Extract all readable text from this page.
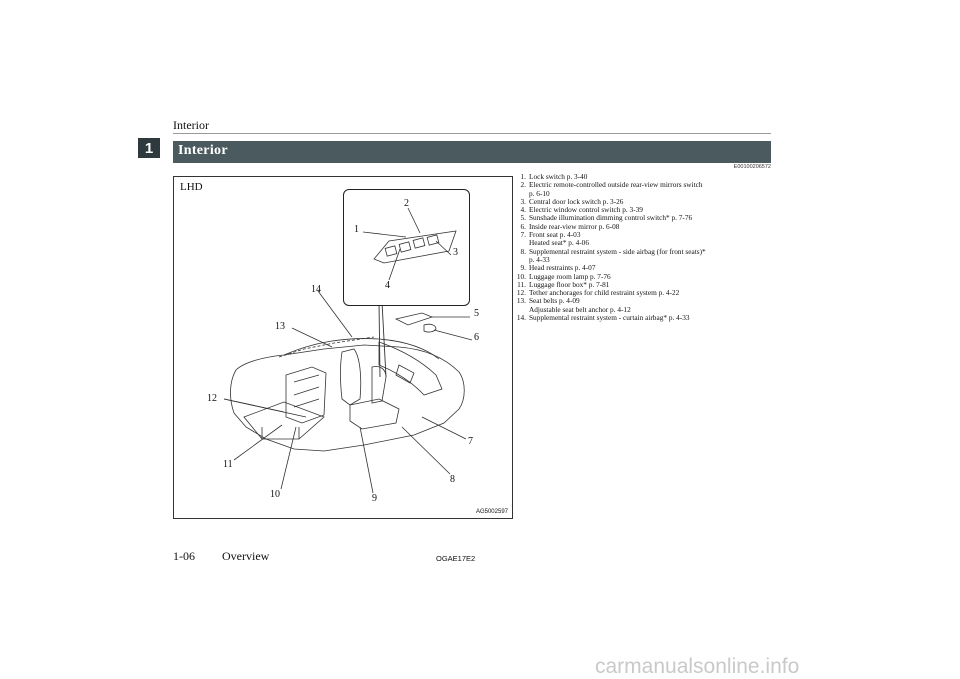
Interior
1	Interior
E00100206572
LHD
1
2
3
4
5
6
7
8
9
10
11
12
13
14
AG5002597
1. Lock switch p. 3-40
2. Electric remote-controlled outside rear-view mirrors switch
p. 6-10
3. Central door lock switch p. 3-26
4. Electric window control switch p. 3-39
5. Sunshade illumination dimming control switch* p. 7-76
6. Inside rear-view mirror p. 6-08
7. Front seat p. 4-03
Heated seat* p. 4-06
8. Supplemental restraint system - side airbag (for front seats)*
p. 4-33
9. Head restraints p. 4-07
10. Luggage room lamp p. 7-76
11. Luggage floor box* p. 7-81
12. Tether anchorages for child restraint system p. 4-22
13. Seat belts p. 4-09
Adjustable seat belt anchor p. 4-12
14. Supplemental restraint system - curtain airbag* p. 4-33
1-06 Overview	OGAE17E2
carmanualsonline.info
